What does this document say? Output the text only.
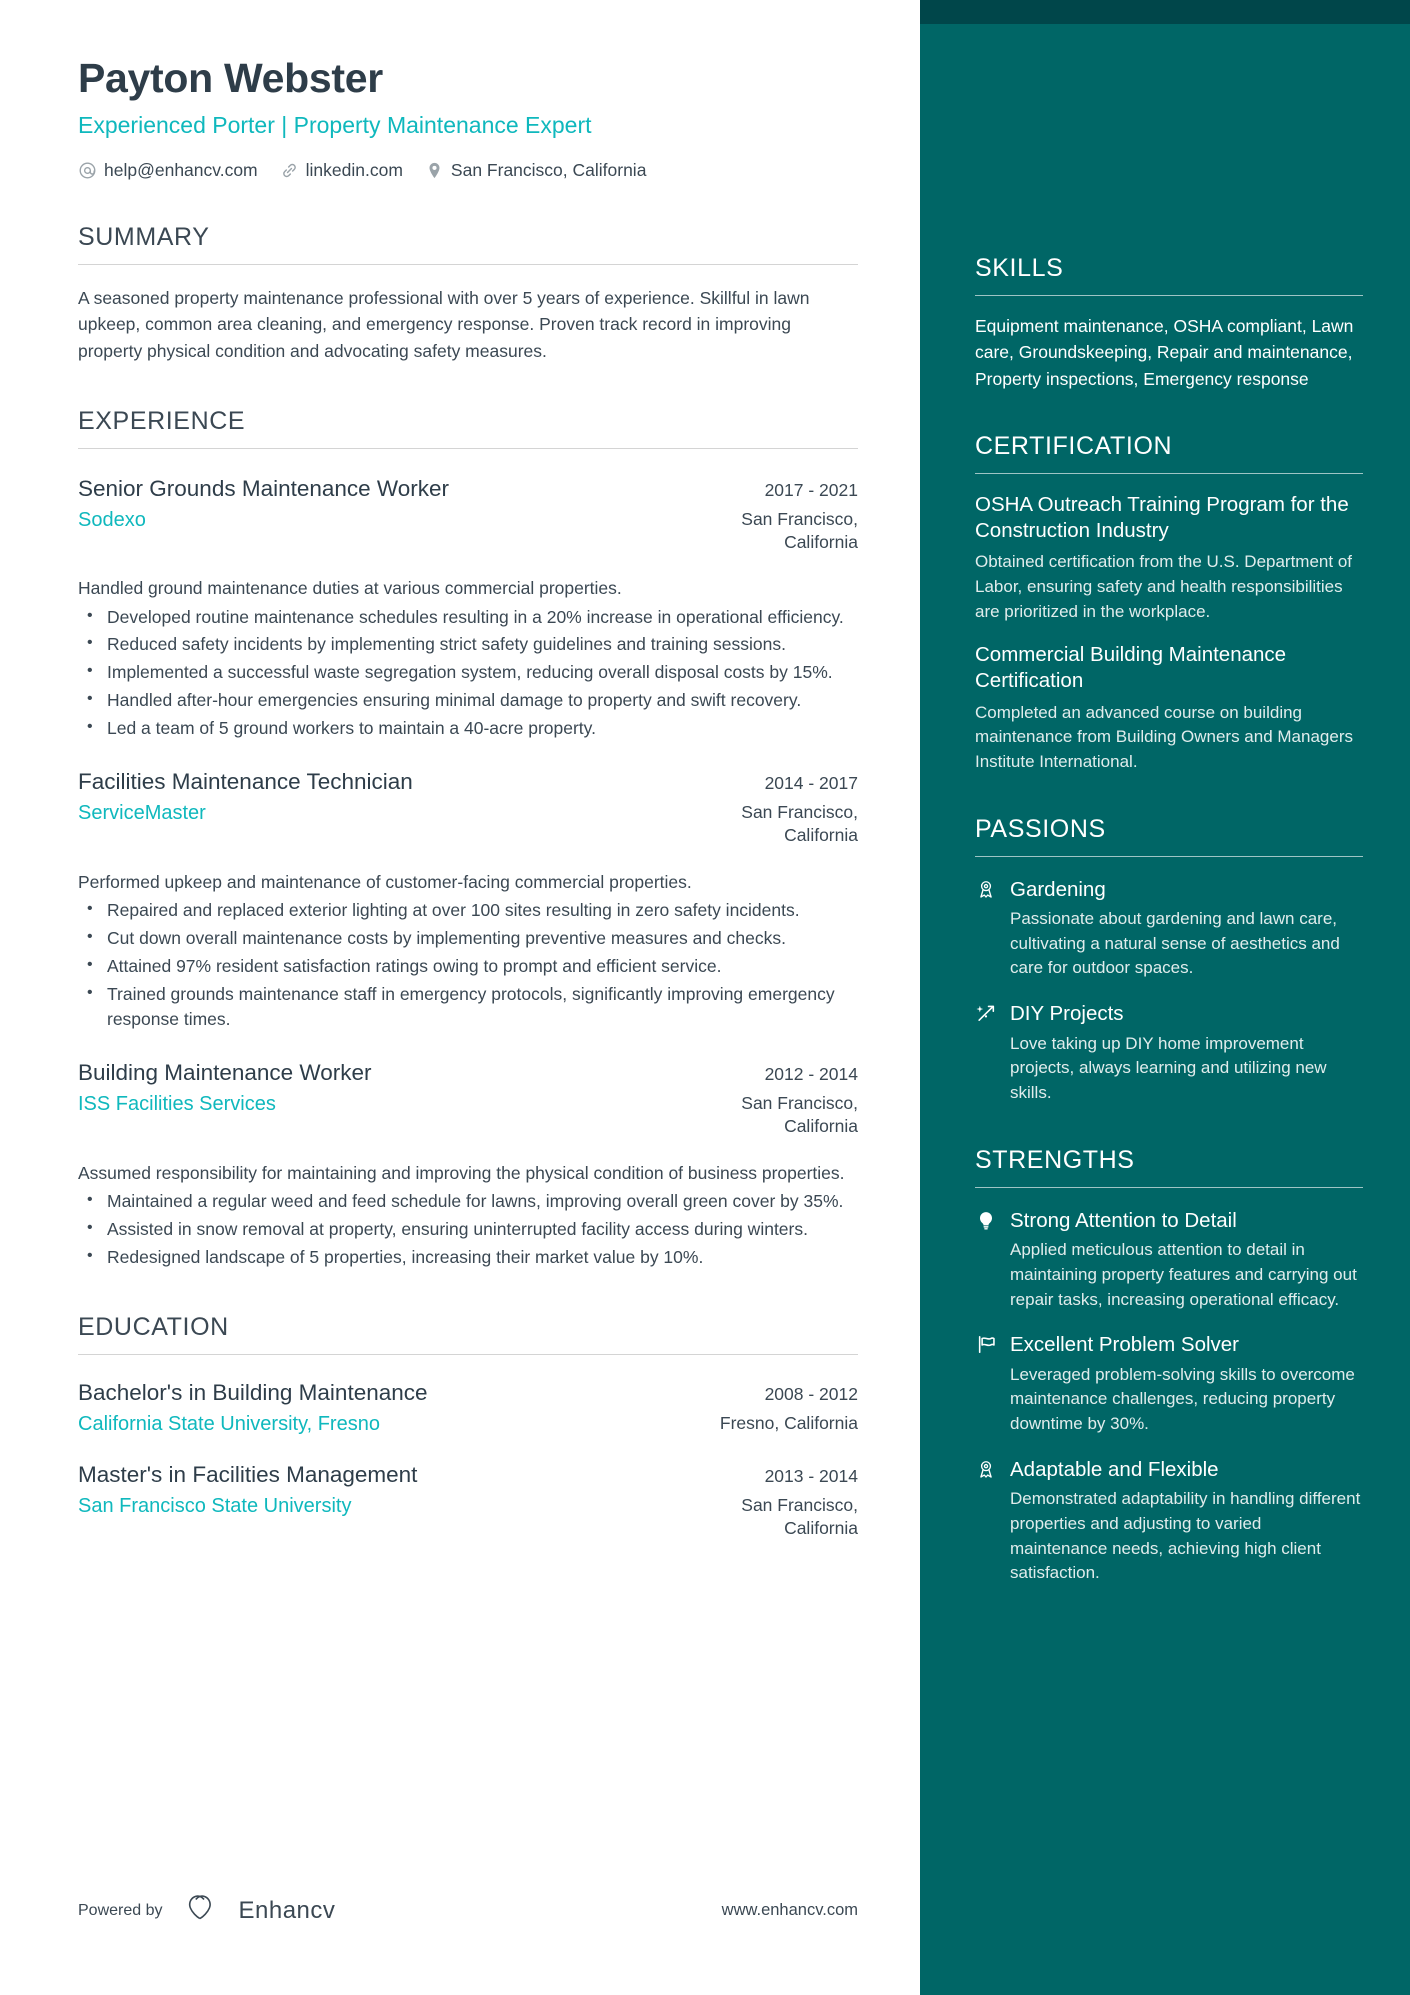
Payton Webster
Experienced Porter | Property Maintenance Expert
help@enhancv.com	linkedin.com	San Francisco, California
SUMMARY

A seasoned property maintenance professional with over 5 years of experience. Skillful in lawn upkeep, common area cleaning, and emergency response. Proven track record in improving property physical condition and advocating safety measures.

EXPERIENCE
Senior Grounds Maintenance Worker	2017 - 2021
Sodexo	San Francisco, California

Handled ground maintenance duties at various commercial properties.

• Developed routine maintenance schedules resulting in a 20% increase in operational efficiency.
• Reduced safety incidents by implementing strict safety guidelines and training sessions.
• Implemented a successful waste segregation system, reducing overall disposal costs by 15%.
• Handled after-hour emergencies ensuring minimal damage to property and swift recovery.
• Led a team of 5 ground workers to maintain a 40-acre property.
Facilities Maintenance Technician	2014 - 2017
ServiceMaster	San Francisco, California

Performed upkeep and maintenance of customer-facing commercial properties.

• Repaired and replaced exterior lighting at over 100 sites resulting in zero safety incidents.
• Cut down overall maintenance costs by implementing preventive measures and checks.
• Attained 97% resident satisfaction ratings owing to prompt and efficient service.
• Trained grounds maintenance staff in emergency protocols, significantly improving emergency response times.
Building Maintenance Worker	2012 - 2014
ISS Facilities Services	San Francisco, California

Assumed responsibility for maintaining and improving the physical condition of business properties.

• Maintained a regular weed and feed schedule for lawns, improving overall green cover by 35%.
• Assisted in snow removal at property, ensuring uninterrupted facility access during winters.
• Redesigned landscape of 5 properties, increasing their market value by 10%.
EDUCATION
Bachelor's in Building Maintenance	2008 - 2012
California State University, Fresno	Fresno, California
Master's in Facilities Management	2013 - 2014
San Francisco State University	San Francisco, California
Powered by	Enhancv	www.enhancv.com
SKILLS

Equipment maintenance, OSHA compliant, Lawn care, Groundskeeping, Repair and maintenance, Property inspections, Emergency response

CERTIFICATION
OSHA Outreach Training Program for the Construction Industry
Obtained certification from the U.S. Department of Labor, ensuring safety and health responsibilities are prioritized in the workplace.
Commercial Building Maintenance Certification
Completed an advanced course on building maintenance from Building Owners and Managers Institute International.
PASSIONS
Gardening
Passionate about gardening and lawn care, cultivating a natural sense of aesthetics and care for outdoor spaces.
DIY Projects
Love taking up DIY home improvement projects, always learning and utilizing new skills.
STRENGTHS
Strong Attention to Detail
Applied meticulous attention to detail in maintaining property features and carrying out repair tasks, increasing operational efficacy.
Excellent Problem Solver
Leveraged problem-solving skills to overcome maintenance challenges, reducing property downtime by 30%.
Adaptable and Flexible
Demonstrated adaptability in handling different properties and adjusting to varied maintenance needs, achieving high client satisfaction.
